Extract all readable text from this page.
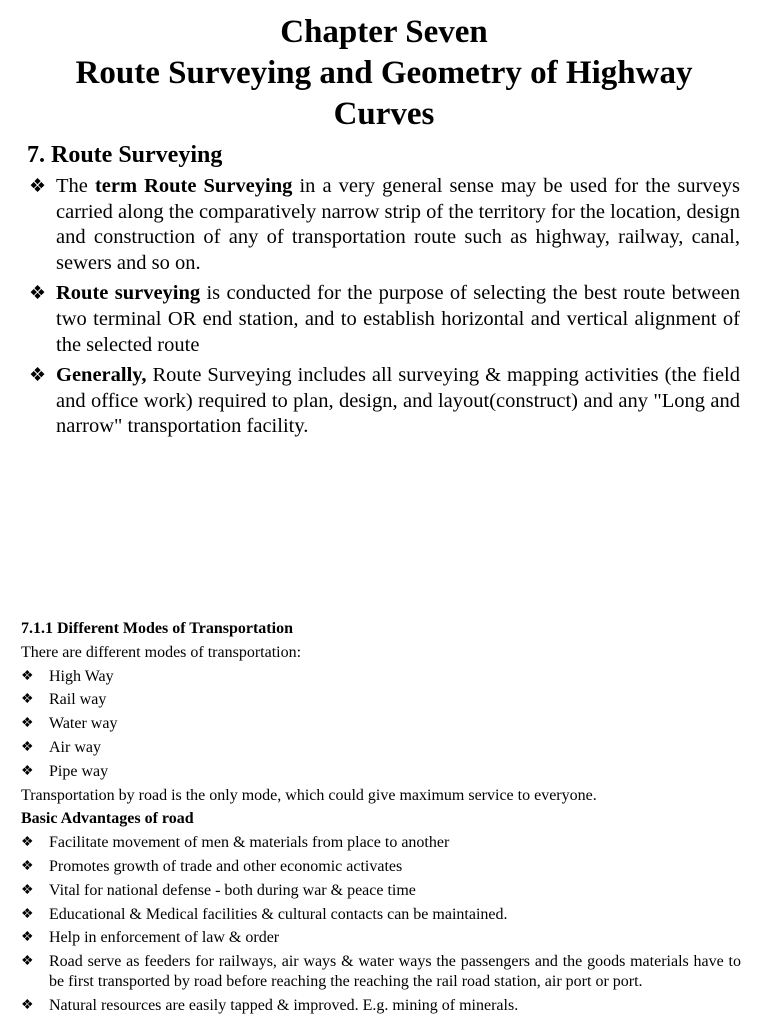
Chapter Seven
Route Surveying and Geometry of Highway
Curves
7. Route Surveying
❖ The term Route Surveying in a very general sense may be used for the surveys carried along the comparatively narrow strip of the territory for the location, design and construction of any of transportation route such as highway, railway, canal, sewers and so on.
❖ Route surveying is conducted for the purpose of selecting the best route between two terminal OR end station, and to establish horizontal and vertical alignment of the selected route
❖ Generally, Route Surveying includes all surveying & mapping activities (the field and office work) required to plan, design, and layout(construct) and any "Long and narrow" transportation facility.
7.1.1 Different Modes of Transportation
There are different modes of transportation:
❖ High Way
❖ Rail way
❖ Water way
❖ Air way
❖ Pipe way
Transportation by road is the only mode, which could give maximum service to everyone.
Basic Advantages of road
❖ Facilitate movement of men & materials from place to another
❖ Promotes growth of trade and other economic activates
❖ Vital for national defense - both during war & peace time
❖ Educational & Medical facilities & cultural contacts can be maintained.
❖ Help in enforcement of law & order
❖ Road serve as feeders for railways, air ways & water ways the passengers and the goods materials have to be first transported by road before reaching the reaching the rail road station, air port or port.
❖ Natural resources are easily tapped & improved. E.g. mining of minerals.
